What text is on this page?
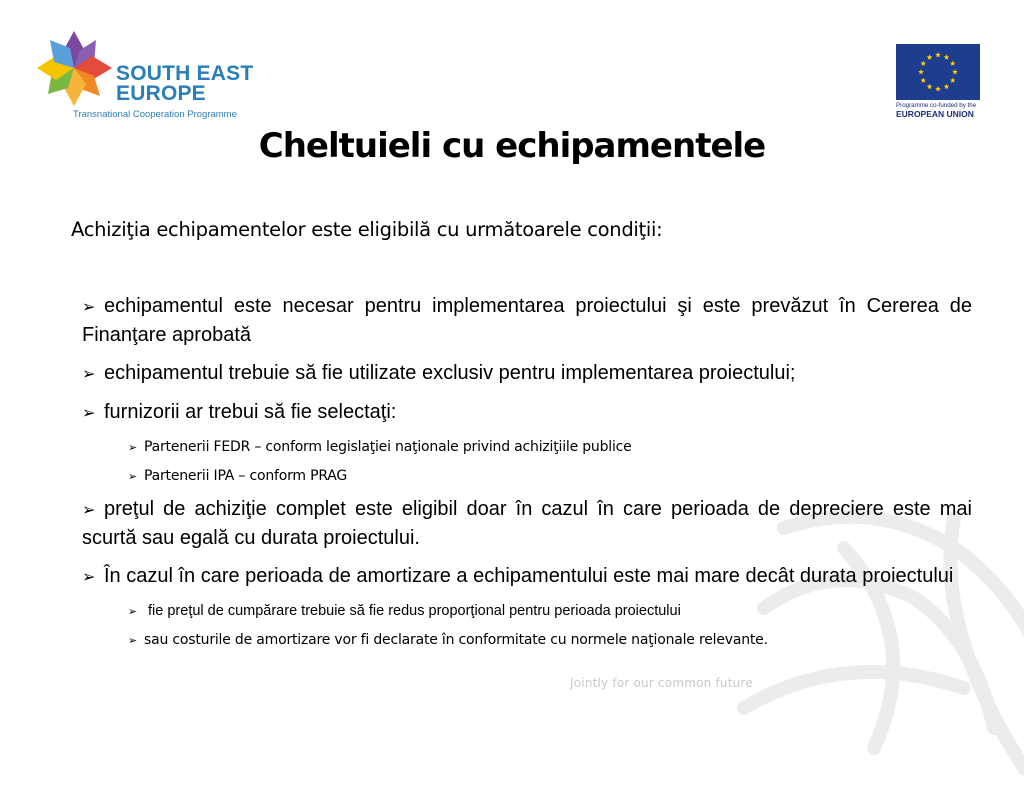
Jointly for our common future
SOUTH EAST
EUROPE
Transnational Cooperation Programme
Programme co-funded by the
EUROPEAN UNION
Cheltuieli cu echipamentele
Achiziţia echipamentelor este eligibilă cu următoarele condiţii:
➢ echipamentul este necesar pentru implementarea proiectului şi este prevăzut în Cererea de Finanţare aprobată
➢ echipamentul trebuie să fie utilizate exclusiv pentru implementarea proiectului;
➢ furnizorii ar trebui să fie selectaţi:
➢ Partenerii FEDR – conform legislaţiei naţionale privind achiziţiile publice
➢ Partenerii IPA – conform PRAG
➢ preţul de achiziţie complet este eligibil doar în cazul în care perioada de depreciere este mai scurtă sau egală cu durata proiectului.
➢ În cazul în care perioada de amortizare a echipamentului este mai mare decât durata proiectului
➢ fie preţul de cumpărare trebuie să fie redus proporţional pentru perioada proiectului
➢ sau costurile de amortizare vor fi declarate în conformitate cu normele naţionale relevante.
